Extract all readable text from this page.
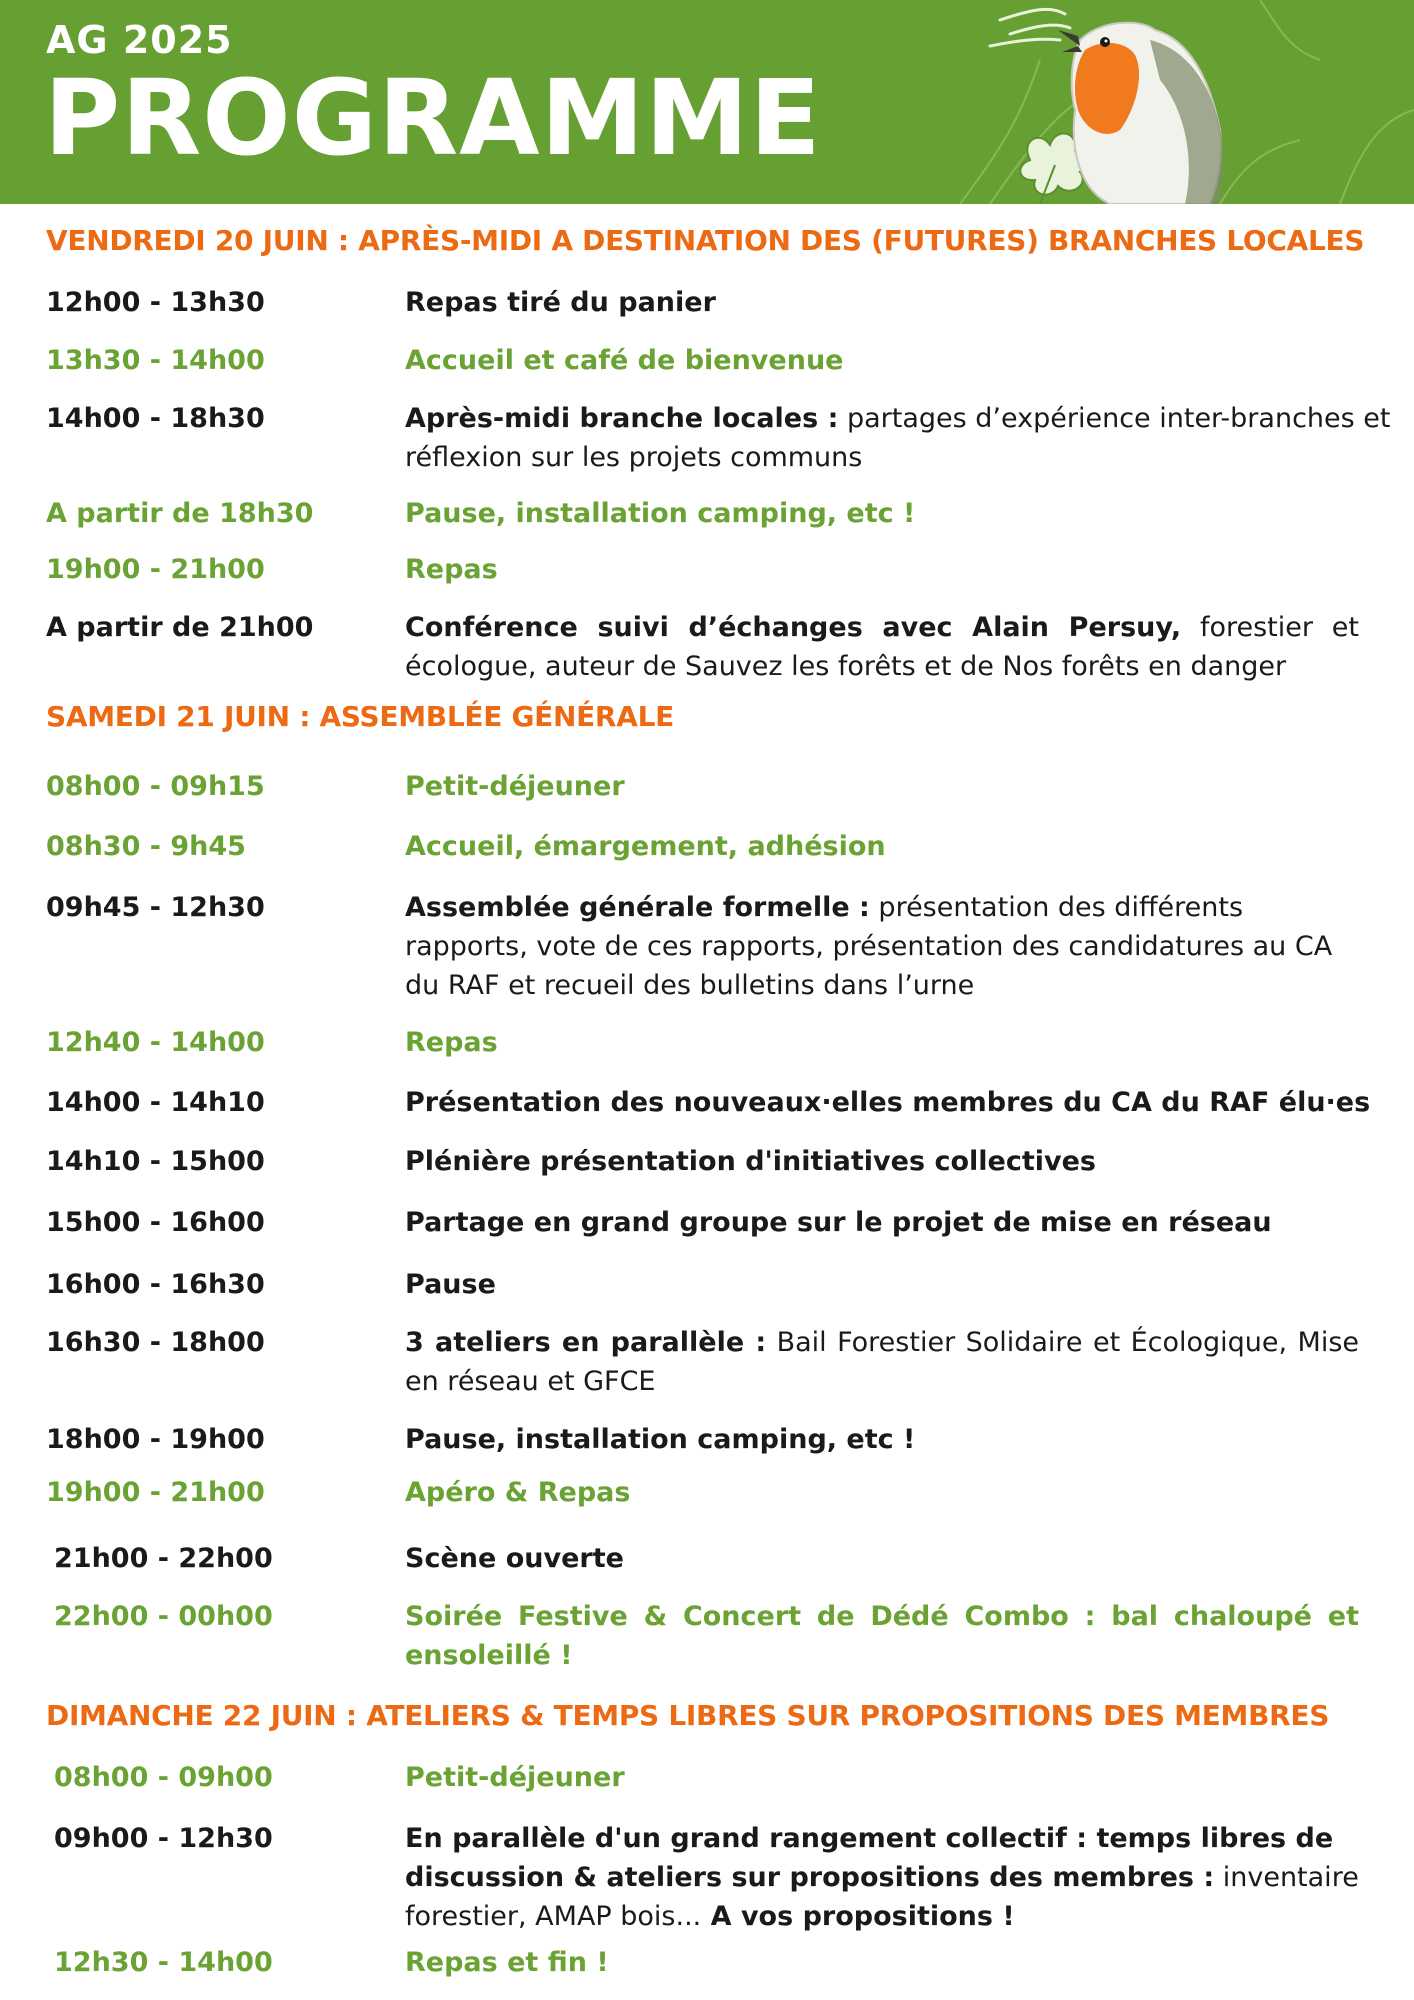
AG 2025
PROGRAMME
VENDREDI 20 JUIN : APRÈS-MIDI A DESTINATION DES (FUTURES) BRANCHES LOCALES
12h00 - 13h30	Repas tiré du panier
13h30 - 14h00	Accueil et café de bienvenue
14h00 - 18h30	Après-midi branche locales : partages d’expérience inter-branches et réflexion sur les projets communs
A partir de 18h30	Pause, installation camping, etc !
19h00 - 21h00	Repas
A partir de 21h00	Conférence suivi d’échanges avec Alain Persuy, forestier et écologue, auteur de Sauvez les forêts et de Nos forêts en danger
SAMEDI 21 JUIN : ASSEMBLÉE GÉNÉRALE
08h00 - 09h15	Petit-déjeuner
08h30 - 9h45	Accueil, émargement, adhésion
09h45 - 12h30	Assemblée générale formelle : présentation des différents rapports, vote de ces rapports, présentation des candidatures au CA du RAF et recueil des bulletins dans l’urne
12h40 - 14h00	Repas
14h00 - 14h10	Présentation des nouveaux·elles membres du CA du RAF élu·es
14h10 - 15h00	Plénière présentation d'initiatives collectives
15h00 - 16h00	Partage en grand groupe sur le projet de mise en réseau
16h00 - 16h30	Pause
16h30 - 18h00	3 ateliers en parallèle : Bail Forestier Solidaire et Écologique, Mise en réseau et GFCE
18h00 - 19h00	Pause, installation camping, etc !
19h00 - 21h00	Apéro & Repas
21h00 - 22h00	Scène ouverte
22h00 - 00h00	Soirée Festive & Concert de Dédé Combo : bal chaloupé et ensoleillé !
DIMANCHE 22 JUIN : ATELIERS & TEMPS LIBRES SUR PROPOSITIONS DES MEMBRES
08h00 - 09h00	Petit-déjeuner
09h00 - 12h30	En parallèle d'un grand rangement collectif : temps libres de discussion & ateliers sur propositions des membres : inventaire forestier, AMAP bois... A vos propositions !
12h30 - 14h00	Repas et fin !
